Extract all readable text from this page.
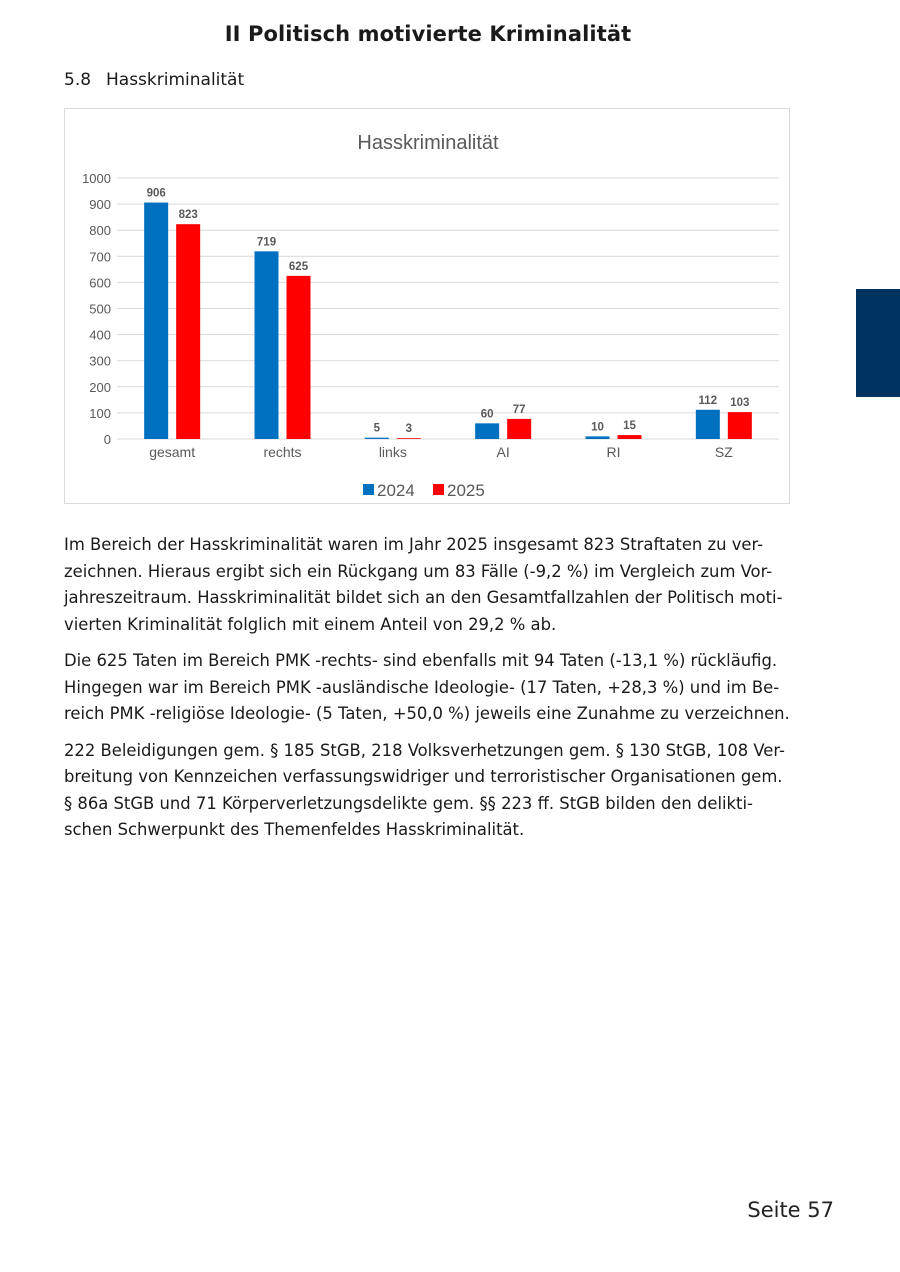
II Politisch motivierte Kriminalität
5.8 Hasskriminalität
Hasskriminalität
0
100
200
300
400
500
600
700
800
900
1000
906
823
gesamt
719
625
rechts
5 3
links
60 77
AI
10 15
RI
112 103
SZ
2024 2025

Im Bereich der Hasskriminalität waren im Jahr 2025 insgesamt 823 Straftaten zu ver-
zeichnen. Hieraus ergibt sich ein Rückgang um 83 Fälle (-9,2 %) im Vergleich zum Vor-
jahreszeitraum. Hasskriminalität bildet sich an den Gesamtfallzahlen der Politisch moti-
vierten Kriminalität folglich mit einem Anteil von 29,2 % ab.

Die 625 Taten im Bereich PMK -rechts- sind ebenfalls mit 94 Taten (-13,1 %) rückläufig.
Hingegen war im Bereich PMK -ausländische Ideologie- (17 Taten, +28,3 %) und im Be-
reich PMK -religiöse Ideologie- (5 Taten, +50,0 %) jeweils eine Zunahme zu verzeichnen.

222 Beleidigungen gem. § 185 StGB, 218 Volksverhetzungen gem. § 130 StGB, 108 Ver-
breitung von Kennzeichen verfassungswidriger und terroristischer Organisationen gem.
§ 86a StGB und 71 Körperverletzungsdelikte gem. §§ 223 ff. StGB bilden den delikti-
schen Schwerpunkt des Themenfeldes Hasskriminalität.

Seite 57
